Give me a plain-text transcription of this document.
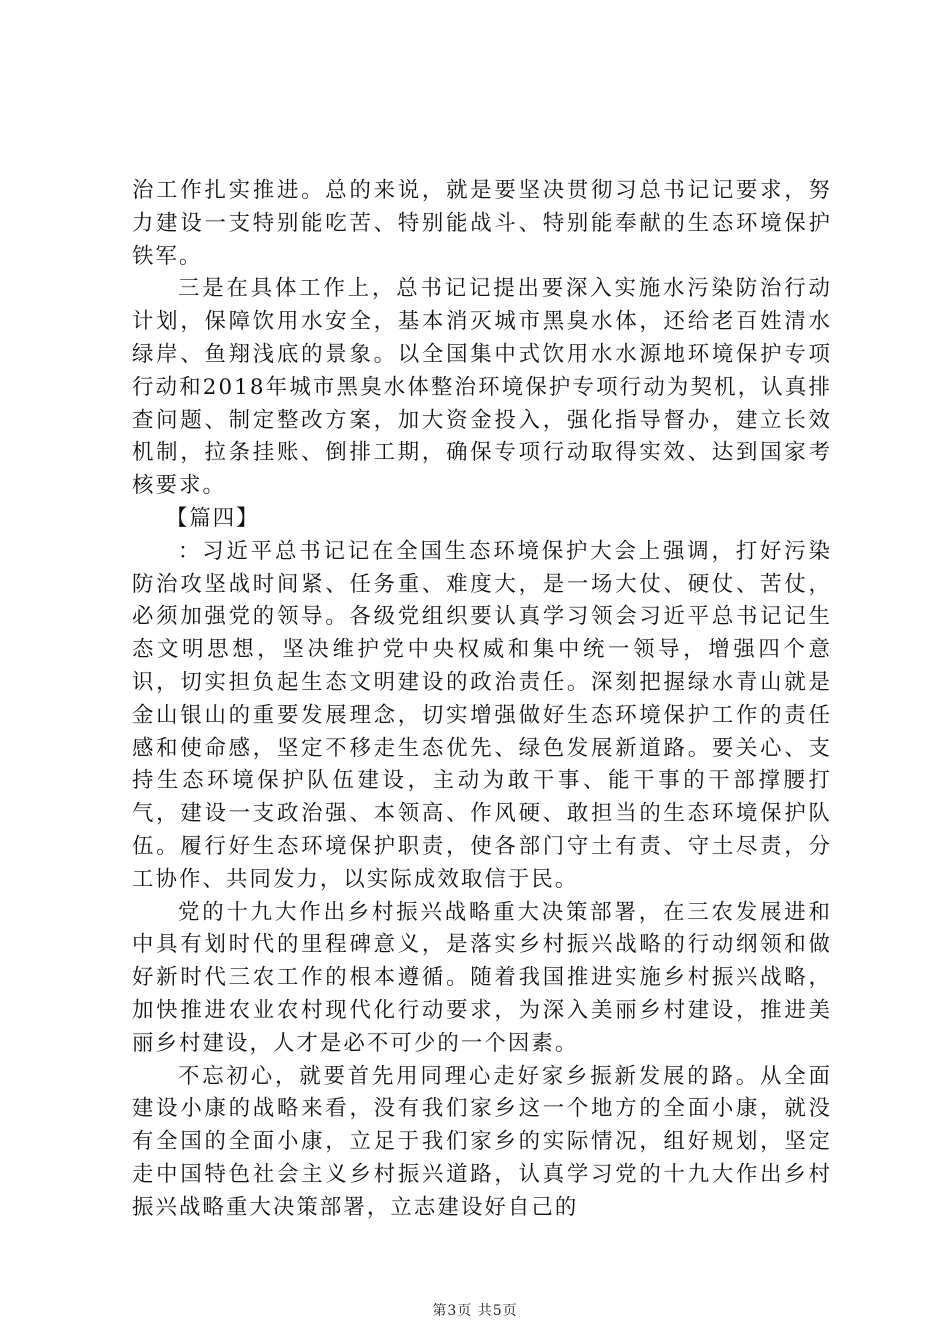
治工作扎实推进。总的来说，就是要坚决贯彻习总书记记要求，努力建设一支特别能吃苦、特别能战斗、特别能奉献的生态环境保护铁军。

三是在具体工作上，总书记记提出要深入实施水污染防治行动计划，保障饮用水安全，基本消灭城市黑臭水体，还给老百姓清水绿岸、鱼翔浅底的景象。以全国集中式饮用水水源地环境保护专项行动和2018年城市黑臭水体整治环境保护专项行动为契机，认真排查问题、制定整改方案，加大资金投入，强化指导督办，建立长效机制，拉条挂账、倒排工期，确保专项行动取得实效、达到国家考核要求。

【篇四】

：习近平总书记记在全国生态环境保护大会上强调，打好污染防治攻坚战时间紧、任务重、难度大，是一场大仗、硬仗、苦仗，必须加强党的领导。各级党组织要认真学习领会习近平总书记记生态文明思想，坚决维护党中央权威和集中统一领导，增强四个意识，切实担负起生态文明建设的政治责任。深刻把握绿水青山就是金山银山的重要发展理念，切实增强做好生态环境保护工作的责任感和使命感，坚定不移走生态优先、绿色发展新道路。要关心、支持生态环境保护队伍建设，主动为敢干事、能干事的干部撑腰打气，建设一支政治强、本领高、作风硬、敢担当的生态环境保护队伍。履行好生态环境保护职责，使各部门守土有责、守土尽责，分工协作、共同发力，以实际成效取信于民。

党的十九大作出乡村振兴战略重大决策部署，在三农发展进和中具有划时代的里程碑意义，是落实乡村振兴战略的行动纲领和做好新时代三农工作的根本遵循。随着我国推进实施乡村振兴战略，加快推进农业农村现代化行动要求，为深入美丽乡村建设，推进美丽乡村建设，人才是必不可少的一个因素。

不忘初心，就要首先用同理心走好家乡振新发展的路。从全面建设小康的战略来看，没有我们家乡这一个地方的全面小康，就没有全国的全面小康，立足于我们家乡的实际情况，组好规划，坚定走中国特色社会主义乡村振兴道路，认真学习党的十九大作出乡村振兴战略重大决策部署，立志建设好自己的

第3页 共5页
